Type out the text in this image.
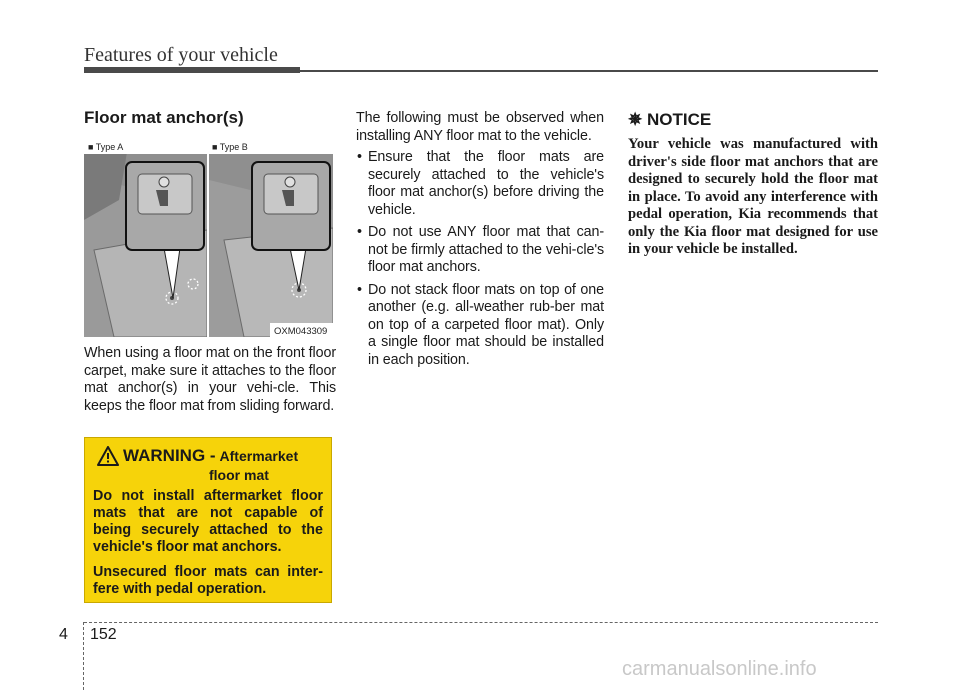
Features of your vehicle
Floor mat anchor(s)
■ Type A	■ Type B
OXM043309
When using a floor mat on the front floor carpet, make sure it attaches to the floor mat anchor(s) in your vehi-cle. This keeps the floor mat from sliding forward.
WARNING - Aftermarket
floor mat

Do not install aftermarket floor mats that are not capable of being securely attached to the vehicle's floor mat anchors.

Unsecured floor mats can inter-fere with pedal operation.

The following must be observed when installing ANY floor mat to the vehicle.

• Ensure that the floor mats are securely attached to the vehicle's floor mat anchor(s) before driving the vehicle.
• Do not use ANY floor mat that can-not be firmly attached to the vehi-cle's floor mat anchors.
• Do not stack floor mats on top of one another (e.g. all-weather rub-ber mat on top of a carpeted floor mat). Only a single floor mat should be installed in each position.
✵ NOTICE
Your vehicle was manufactured with driver's side floor mat anchors that are designed to securely hold the floor mat in place. To avoid any interference with pedal operation, Kia recommends that only the Kia floor mat designed for use in your vehicle be installed.
4 152
carmanualsonline.info
